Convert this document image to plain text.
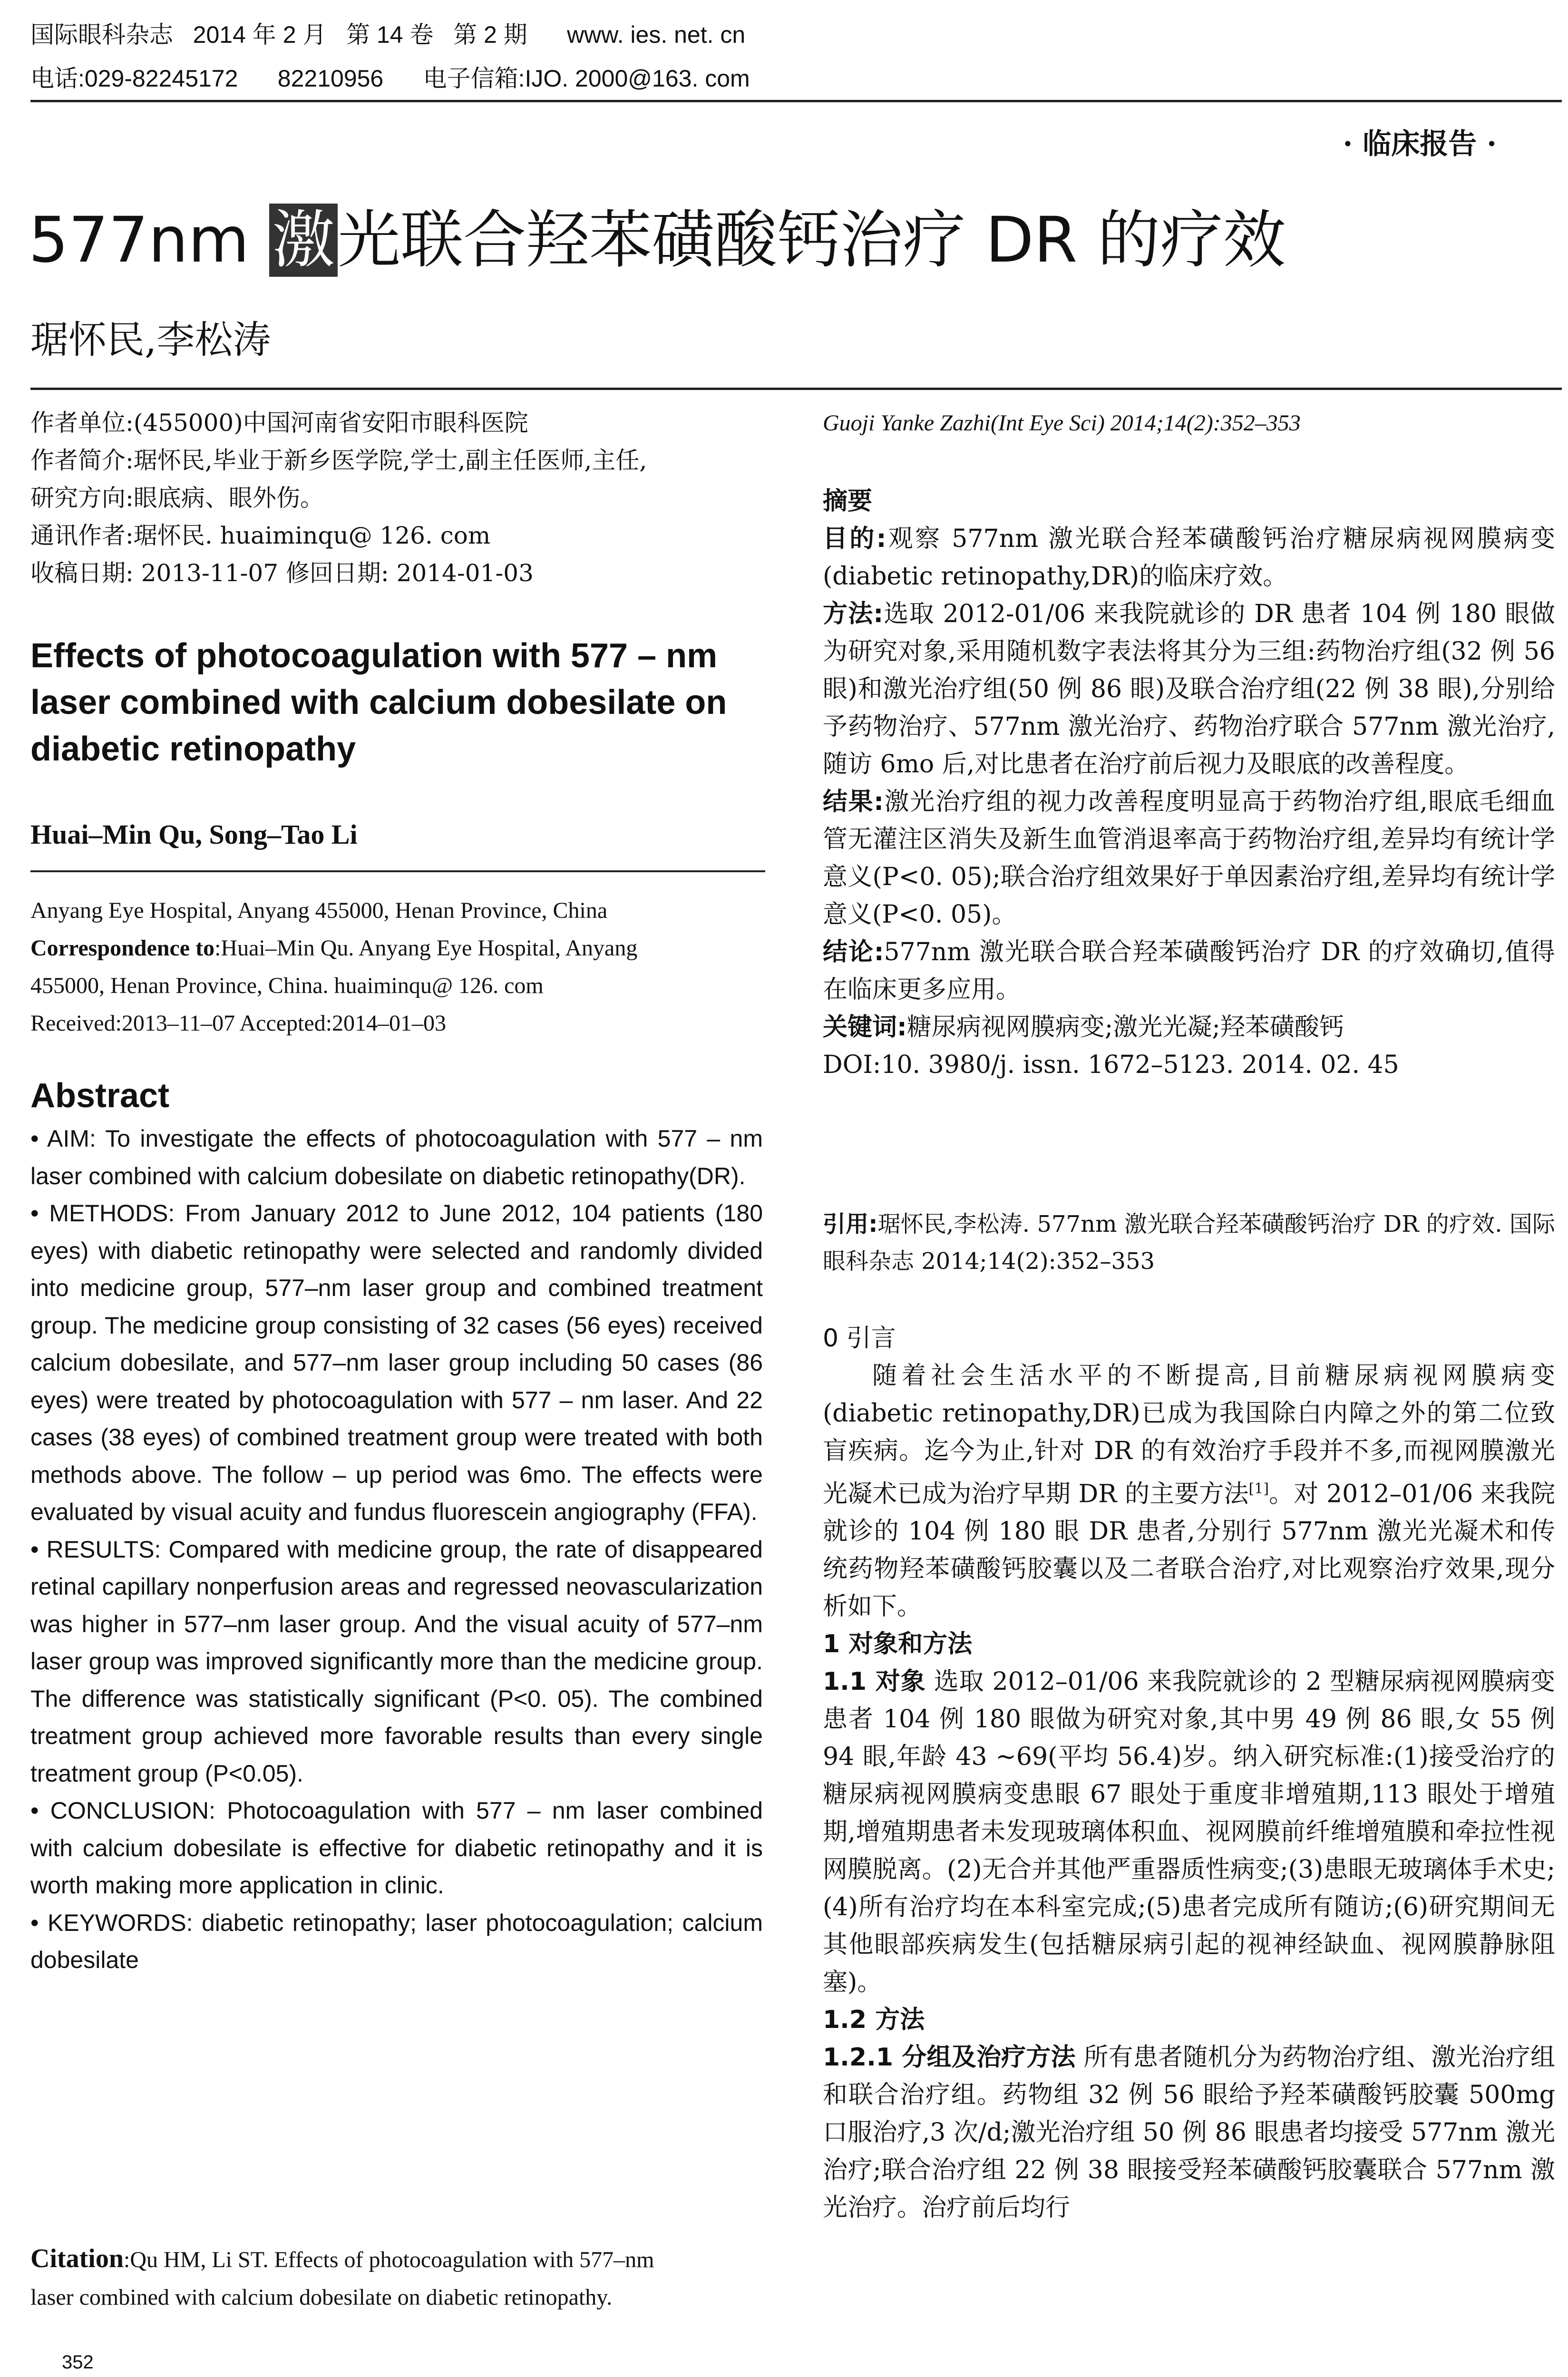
国际眼科杂志   2014 年 2 月   第 14 卷   第 2 期      www. ies. net. cn
电话:029-82245172      82210956      电子信箱:IJO. 2000@163. com
· 临床报告 ·
577nm 激光联合羟苯磺酸钙治疗 DR 的疗效
琚怀民,李松涛
作者单位:(455000)中国河南省安阳市眼科医院
作者简介:琚怀民,毕业于新乡医学院,学士,副主任医师,主任,
研究方向:眼底病、眼外伤。
通讯作者:琚怀民. huaiminqu@ 126. com
收稿日期: 2013-11-07 修回日期: 2014-01-03
Effects of photocoagulation with 577 – nm
laser combined with calcium dobesilate on
diabetic retinopathy
Huai–Min Qu, Song–Tao Li
Anyang Eye Hospital, Anyang 455000, Henan Province, China
Correspondence to:Huai–Min Qu. Anyang Eye Hospital, Anyang
455000, Henan Province, China. huaiminqu@ 126. com
Received:2013–11–07 Accepted:2014–01–03
Abstract

• AIM: To investigate the effects of photocoagulation with 577 – nm laser combined with calcium dobesilate on diabetic retinopathy(DR).

• METHODS: From January 2012 to June 2012, 104 patients (180 eyes) with diabetic retinopathy were selected and randomly divided into medicine group, 577–nm laser group and combined treatment group. The medicine group consisting of 32 cases (56 eyes) received calcium dobesilate, and 577–nm laser group including 50 cases (86 eyes) were treated by photocoagulation with 577 – nm laser. And 22 cases (38 eyes) of combined treatment group were treated with both methods above. The follow – up period was 6mo. The effects were evaluated by visual acuity and fundus fluorescein angiography (FFA).

• RESULTS: Compared with medicine group, the rate of disappeared retinal capillary nonperfusion areas and regressed neovascularization was higher in 577–nm laser group. And the visual acuity of 577–nm laser group was improved significantly more than the medicine group. The difference was statistically significant (P<0. 05). The combined treatment group achieved more favorable results than every single treatment group (P<0.05).

• CONCLUSION: Photocoagulation with 577 – nm laser combined with calcium dobesilate is effective for diabetic retinopathy and it is worth making more application in clinic.

• KEYWORDS: diabetic retinopathy; laser photocoagulation; calcium dobesilate

Citation:Qu HM, Li ST. Effects of photocoagulation with 577–nm
laser combined with calcium dobesilate on diabetic retinopathy.
352
Guoji Yanke Zazhi(Int Eye Sci) 2014;14(2):352–353

摘要

目的:观察 577nm 激光联合羟苯磺酸钙治疗糖尿病视网膜病变(diabetic retinopathy,DR)的临床疗效。

方法:选取 2012-01/06 来我院就诊的 DR 患者 104 例 180 眼做为研究对象,采用随机数字表法将其分为三组:药物治疗组(32 例 56 眼)和激光治疗组(50 例 86 眼)及联合治疗组(22 例 38 眼),分别给予药物治疗、577nm 激光治疗、药物治疗联合 577nm 激光治疗,随访 6mo 后,对比患者在治疗前后视力及眼底的改善程度。

结果:激光治疗组的视力改善程度明显高于药物治疗组,眼底毛细血管无灌注区消失及新生血管消退率高于药物治疗组,差异均有统计学意义(P<0. 05);联合治疗组效果好于单因素治疗组,差异均有统计学意义(P<0. 05)。

结论:577nm 激光联合联合羟苯磺酸钙治疗 DR 的疗效确切,值得在临床更多应用。

关键词:糖尿病视网膜病变;激光光凝;羟苯磺酸钙

DOI:10. 3980/j. issn. 1672–5123. 2014. 02. 45

引用:琚怀民,李松涛. 577nm 激光联合羟苯磺酸钙治疗 DR 的疗效. 国际眼科杂志 2014;14(2):352–353

0 引言

随着社会生活水平的不断提高,目前糖尿病视网膜病变(diabetic retinopathy,DR)已成为我国除白内障之外的第二位致盲疾病。迄今为止,针对 DR 的有效治疗手段并不多,而视网膜激光光凝术已成为治疗早期 DR 的主要方法[1]。对 2012–01/06 来我院就诊的 104 例 180 眼 DR 患者,分别行 577nm 激光光凝术和传统药物羟苯磺酸钙胶囊以及二者联合治疗,对比观察治疗效果,现分析如下。

1 对象和方法

1.1 对象 选取 2012–01/06 来我院就诊的 2 型糖尿病视网膜病变患者 104 例 180 眼做为研究对象,其中男 49 例 86 眼,女 55 例 94 眼,年龄 43 ~69(平均 56.4)岁。纳入研究标准:(1)接受治疗的糖尿病视网膜病变患眼 67 眼处于重度非增殖期,113 眼处于增殖期,增殖期患者未发现玻璃体积血、视网膜前纤维增殖膜和牵拉性视网膜脱离。(2)无合并其他严重器质性病变;(3)患眼无玻璃体手术史;(4)所有治疗均在本科室完成;(5)患者完成所有随访;(6)研究期间无其他眼部疾病发生(包括糖尿病引起的视神经缺血、视网膜静脉阻塞)。

1.2 方法

1.2.1 分组及治疗方法 所有患者随机分为药物治疗组、激光治疗组和联合治疗组。药物组 32 例 56 眼给予羟苯磺酸钙胶囊 500mg 口服治疗,3 次/d;激光治疗组 50 例 86 眼患者均接受 577nm 激光治疗;联合治疗组 22 例 38 眼接受羟苯磺酸钙胶囊联合 577nm 激光治疗。治疗前后均行
